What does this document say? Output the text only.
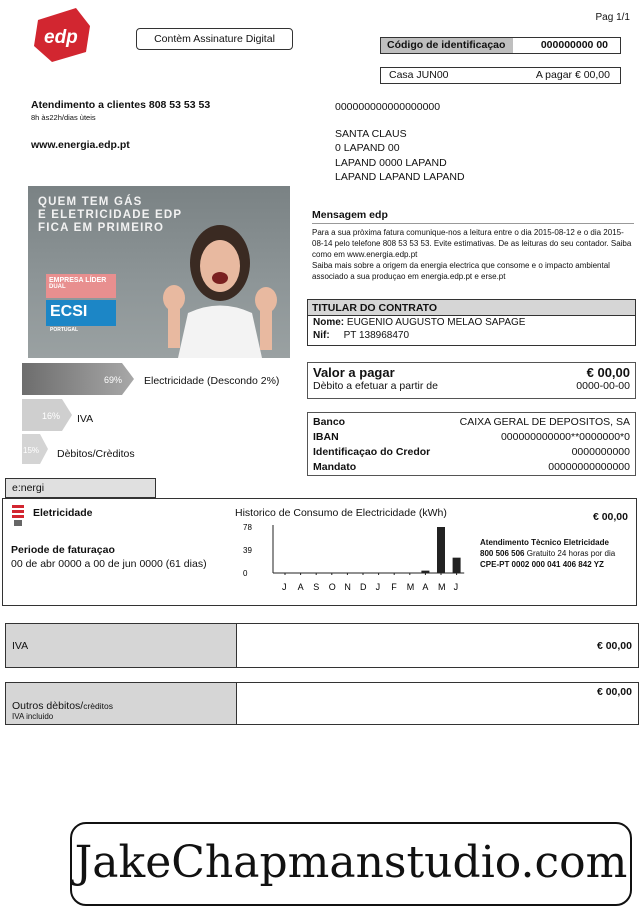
edp
Pag 1/1
Contèm Assinature Digital	Código de identificaçao	000000000 00
Casa JUN00	A pagar € 00,00
Atendimento a clientes 808 53 53 53
8h às22h/dias ùteis
www.energia.edp.pt
000000000000000000
SANTA CLAUS
0 LAPAND 00
LAPAND 0000 LAPAND
LAPAND LAPAND LAPAND
QUEM TEM GÁS
E ELETRICIDADE EDP
FICA EM PRIMEIRO
EMPRESA LÍDER
DUAL
ECSI PORTUGAL
Mensagem edp
Para a sua pròxima fatura comunique-nos a leitura entre o dia 2015-08-12 e o dia 2015-08-14 pelo telefone 808 53 53 53. Evite estimativas. De as leituras do seu contador. Saiba como em www.energia.edp.pt
Saiba mais sobre a origem da energia electrica que consome e o impacto ambiental associado a sua produçao em energia.edp.pt e erse.pt
TITULAR DO CONTRATO
Nome: EUGENIO AUGUSTO MELAO SAPAGE
Nif: PT 138968470
Valor a pagar	€ 00,00
Dèbito a efetuar a partir de	0000-00-00
Banco	CAIXA GERAL DE DEPOSITOS, SA
IBAN	000000000000**0000000*0
Identificaçao do Credor	0000000000
Mandato	00000000000000
69% Electricidade (Descondo 2%)
16% IVA
15% Dèbitos/Crèditos
e:nergi
Eletricidade
Periode de faturaçao
00 de abr 0000 a 00 de jun 0000 (61 dias)
Historico de Consumo de Electricidade (kWh)
78
39
0
J A S O N D J F M A M J
€ 00,00
Atendimento Tècnico Eletricidade
800 506 506 Gratuito 24 horas por dia
CPE-PT 0002 000 041 406 842 YZ
IVA	€ 00,00
Outros dèbitos/crèditos
IVA incluido
€ 00,00
JakeChapmanstudio.com
